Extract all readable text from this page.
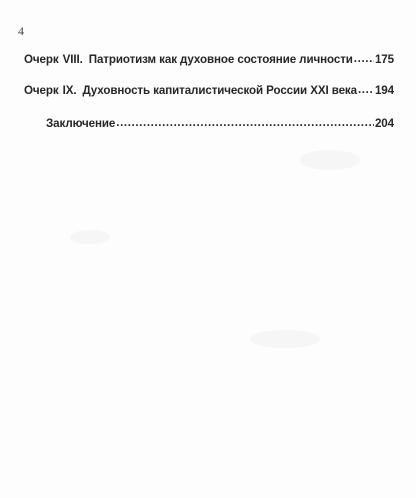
4
Очерк VIII. Патриотизм как духовное состояние личности ..... 175
Очерк IX. Духовность капиталистической России XXI века ..... 194
Заключение .....	204
